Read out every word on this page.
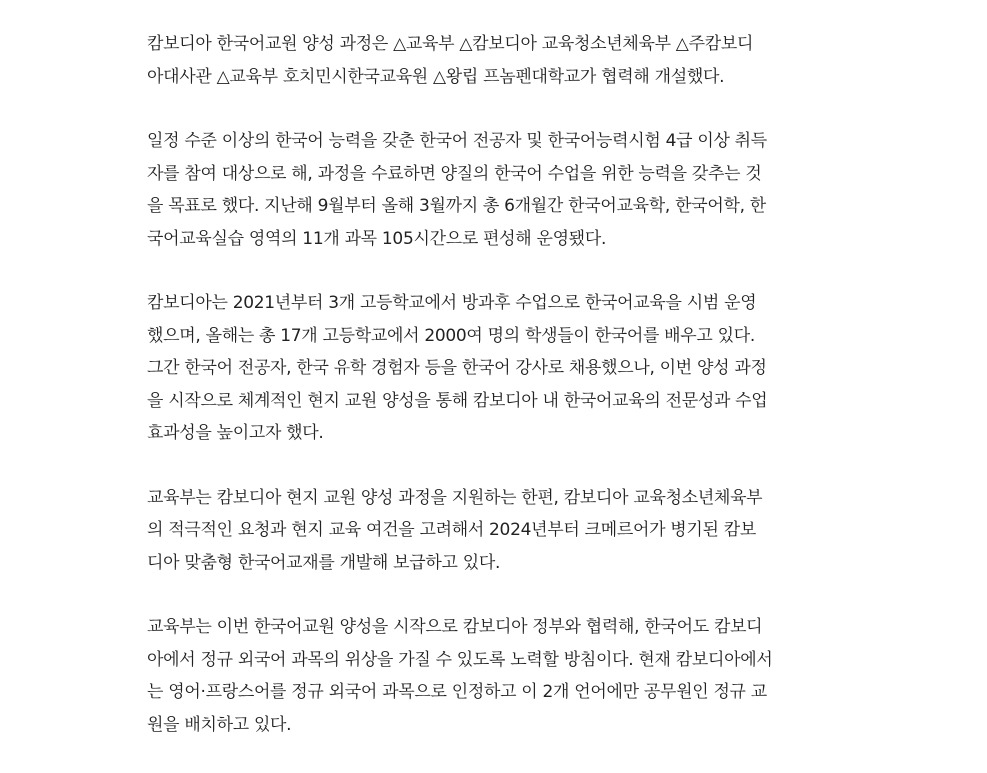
캄보디아 한국어교원 양성 과정은 △교육부 △캄보디아 교육청소년체육부 △주캄보디
아대사관 △교육부 호치민시한국교육원 △왕립 프놈펜대학교가 협력해 개설했다.

일정 수준 이상의 한국어 능력을 갖춘 한국어 전공자 및 한국어능력시험 4급 이상 취득
자를 참여 대상으로 해, 과정을 수료하면 양질의 한국어 수업을 위한 능력을 갖추는 것
을 목표로 했다. 지난해 9월부터 올해 3월까지 총 6개월간 한국어교육학, 한국어학, 한
국어교육실습 영역의 11개 과목 105시간으로 편성해 운영됐다.

캄보디아는 2021년부터 3개 고등학교에서 방과후 수업으로 한국어교육을 시범 운영
했으며, 올해는 총 17개 고등학교에서 2000여 명의 학생들이 한국어를 배우고 있다.
그간 한국어 전공자, 한국 유학 경험자 등을 한국어 강사로 채용했으나, 이번 양성 과정
을 시작으로 체계적인 현지 교원 양성을 통해 캄보디아 내 한국어교육의 전문성과 수업
효과성을 높이고자 했다.

교육부는 캄보디아 현지 교원 양성 과정을 지원하는 한편, 캄보디아 교육청소년체육부
의 적극적인 요청과 현지 교육 여건을 고려해서 2024년부터 크메르어가 병기된 캄보
디아 맞춤형 한국어교재를 개발해 보급하고 있다.

교육부는 이번 한국어교원 양성을 시작으로 캄보디아 정부와 협력해, 한국어도 캄보디
아에서 정규 외국어 과목의 위상을 가질 수 있도록 노력할 방침이다. 현재 캄보디아에서
는 영어·프랑스어를 정규 외국어 과목으로 인정하고 이 2개 언어에만 공무원인 정규 교
원을 배치하고 있다.
